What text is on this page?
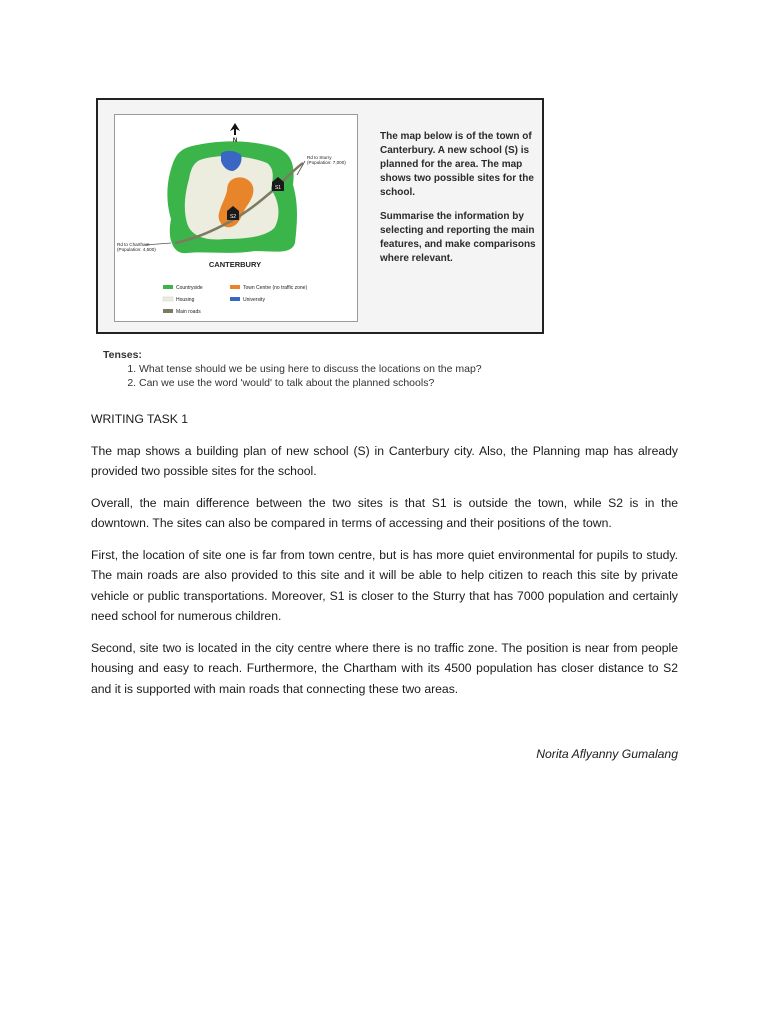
N
S1
S2
Rd to Sturry
(Population: 7,000)
Rd to Chartham
(Population: 4,500)
CANTERBURY
Countryside
Housing
Main roads
Town Centre (no traffic zone)
University

The map below is of the town of Canterbury. A new school (S) is planned for the area. The map shows two possible sites for the school.

Summarise the information by selecting and reporting the main features, and make comparisons where relevant.

Tenses:
1. What tense should we be using here to discuss the locations on the map?
2. Can we use the word 'would' to talk about the planned schools?
WRITING TASK 1

The map shows a building plan of new school (S) in Canterbury city. Also, the Planning map has already provided two possible sites for the school.

Overall, the main difference between the two sites is that S1 is outside the town, while S2 is in the downtown. The sites can also be compared in terms of accessing and their positions of the town.

First, the location of site one is far from town centre, but is has more quiet environmental for pupils to study. The main roads are also provided to this site and it will be able to help citizen to reach this site by private vehicle or public transportations. Moreover, S1 is closer to the Sturry that has 7000 population and certainly need school for numerous children.

Second, site two is located in the city centre where there is no traffic zone. The position is near from people housing and easy to reach. Furthermore, the Chartham with its 4500 population has closer distance to S2 and it is supported with main roads that connecting these two areas.

Norita Aflyanny Gumalang
